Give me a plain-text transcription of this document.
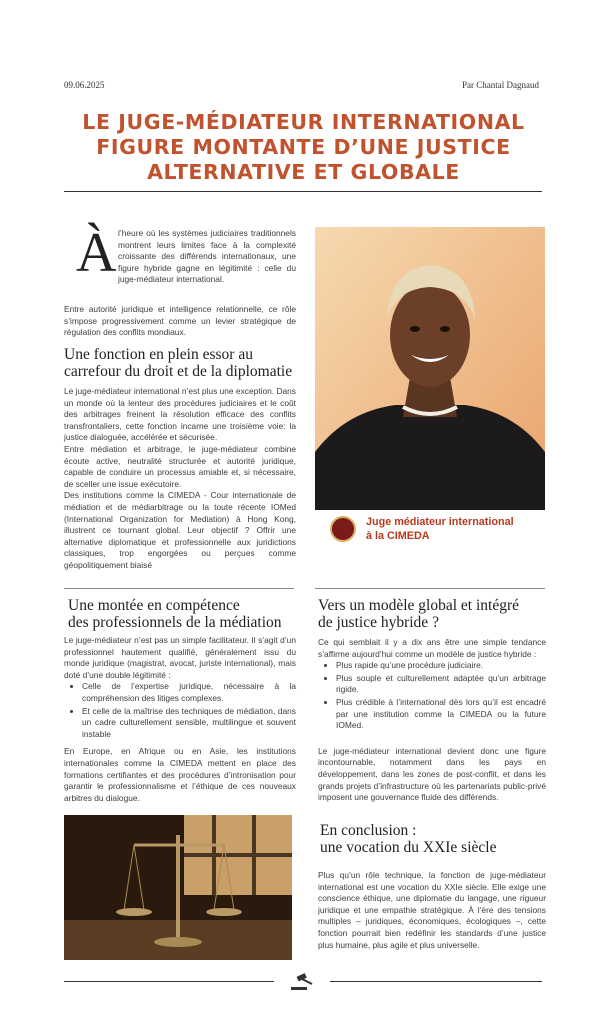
09.06.2025	Par Chantal Dagnaud
LE JUGE-MÉDIATEUR INTERNATIONAL
FIGURE MONTANTE D’UNE JUSTICE
ALTERNATIVE ET GLOBALE
À l’heure où les systèmes judiciaires traditionnels montrent leurs limites face à la complexité croissante des différends internationaux, une figure hybride gagne en légitimité : celle du juge-médiateur international.
Entre autorité juridique et intelligence relationnelle, ce rôle s’impose progressivement comme un levier stratégique de régulation des conflits mondiaux.
Une fonction en plein essor au
carrefour du droit et de la diplomatie
Le juge-médiateur international n’est plus une exception. Dans un monde où la lenteur des procédures judiciaires et le coût des arbitrages freinent la résolution efficace des conflits transfrontaliers, cette fonction incarne une troisième voie: la justice dialoguée, accélérée et sécurisée.
Entre médiation et arbitrage, le juge-médiateur combine écoute active, neutralité structurée et autorité juridique, capable de conduire un processus amiable et, si nécessaire, de sceller une issue exécutoire.
Des institutions comme la CIMEDA - Cour internationale de médiation et de médiarbitrage ou la toute récente IOMed (International Organization for Mediation) à Hong Kong, illustrent ce tournant global. Leur objectif ? Offrir une alternative diplomatique et professionnelle aux juridictions classiques, trop engorgées ou perçues comme géopolitiquement biaisé
Juge médiateur international
à la CIMEDA
Une montée en compétence
des professionnels de la médiation
Le juge-médiateur n’est pas un simple facilitateur. Il s’agit d’un professionnel hautement qualifié, généralement issu du monde juridique (magistrat, avocat, juriste international), mais doté d’une double légitimité :
• Celle de l’expertise juridique, nécessaire à la compréhension des litiges complexes.
• Et celle de la maîtrise des techniques de médiation, dans un cadre culturellement sensible, multilingue et souvent instable
En Europe, en Afrique ou en Asie, les institutions internationales comme la CIMEDA mettent en place des formations certifiantes et des procédures d’intronisation pour garantir le professionnalisme et l’éthique de ces nouveaux arbitres du dialogue.
Vers un modèle global et intégré
de justice hybride ?
Ce qui semblait il y a dix ans être une simple tendance s’affirme aujourd’hui comme un modèle de justice hybride :
• Plus rapide qu’une procédure judiciaire.
• Plus souple et culturellement adaptée qu’un arbitrage rigide.
• Plus crédible à l’international dès lors qu’il est encadré par une institution comme la CIMEDA ou la future IOMed.
Le juge-médiateur international devient donc une figure incontournable, notamment dans les pays en développement, dans les zones de post-conflit, et dans les grands projets d’infrastructure où les partenariats public-privé imposent une gouvernance fluide des différends.
En conclusion :
une vocation du XXIe siècle
Plus qu’un rôle technique, la fonction de juge-médiateur international est une vocation du XXIe siècle. Elle exige une conscience éthique, une diplomatie du langage, une rigueur juridique et une empathie stratégique. À l’ère des tensions multiples – juridiques, économiques, écologiques –, cette fonction pourrait bien redéfinir les standards d’une justice plus humaine, plus agile et plus universelle.
